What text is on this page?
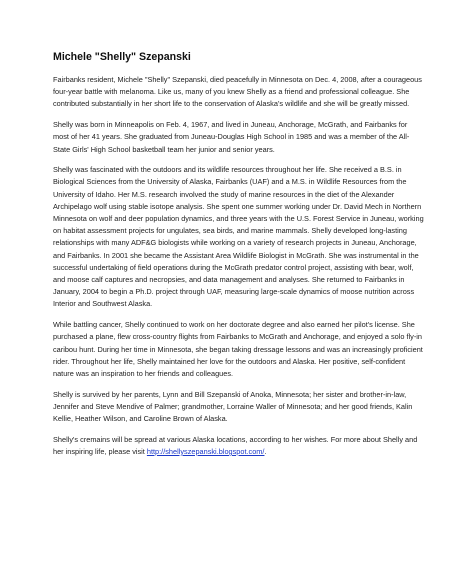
Michele "Shelly" Szepanski

Fairbanks resident, Michele "Shelly" Szepanski, died peacefully in Minnesota on Dec. 4, 2008, after a courageous four-year battle with melanoma. Like us, many of you knew Shelly as a friend and professional colleague. She contributed substantially in her short life to the conservation of Alaska’s wildlife and she will be greatly missed.

Shelly was born in Minneapolis on Feb. 4, 1967, and lived in Juneau, Anchorage, McGrath, and Fairbanks for most of her 41 years. She graduated from Juneau-Douglas High School in 1985 and was a member of the All-State Girls' High School basketball team her junior and senior years.

Shelly was fascinated with the outdoors and its wildlife resources throughout her life. She received a B.S. in Biological Sciences from the University of Alaska, Fairbanks (UAF) and a M.S. in Wildlife Resources from the University of Idaho. Her M.S. research involved the study of marine resources in the diet of the Alexander Archipelago wolf using stable isotope analysis. She spent one summer working under Dr. David Mech in Northern Minnesota on wolf and deer population dynamics, and three years with the U.S. Forest Service in Juneau, working on habitat assessment projects for ungulates, sea birds, and marine mammals. Shelly developed long-lasting relationships with many ADF&G biologists while working on a variety of research projects in Juneau, Anchorage, and Fairbanks. In 2001 she became the Assistant Area Wildlife Biologist in McGrath. She was instrumental in the successful undertaking of field operations during the McGrath predator control project, assisting with bear, wolf, and moose calf captures and necropsies, and data management and analyses. She returned to Fairbanks in January, 2004 to begin a Ph.D. project through UAF, measuring large-scale dynamics of moose nutrition across Interior and Southwest Alaska.

While battling cancer, Shelly continued to work on her doctorate degree and also earned her pilot's license. She purchased a plane, flew cross-country flights from Fairbanks to McGrath and Anchorage, and enjoyed a solo fly-in caribou hunt. During her time in Minnesota, she began taking dressage lessons and was an increasingly proficient rider. Throughout her life, Shelly maintained her love for the outdoors and Alaska. Her positive, self-confident nature was an inspiration to her friends and colleagues.

Shelly is survived by her parents, Lynn and Bill Szepanski of Anoka, Minnesota; her sister and brother-in-law, Jennifer and Steve Mendive of Palmer; grandmother, Lorraine Waller of Minnesota; and her good friends, Kalin Kellie, Heather Wilson, and Caroline Brown of Alaska.

Shelly's cremains will be spread at various Alaska locations, according to her wishes. For more about Shelly and her inspiring life, please visit http://shellyszepanski.blogspot.com/.
